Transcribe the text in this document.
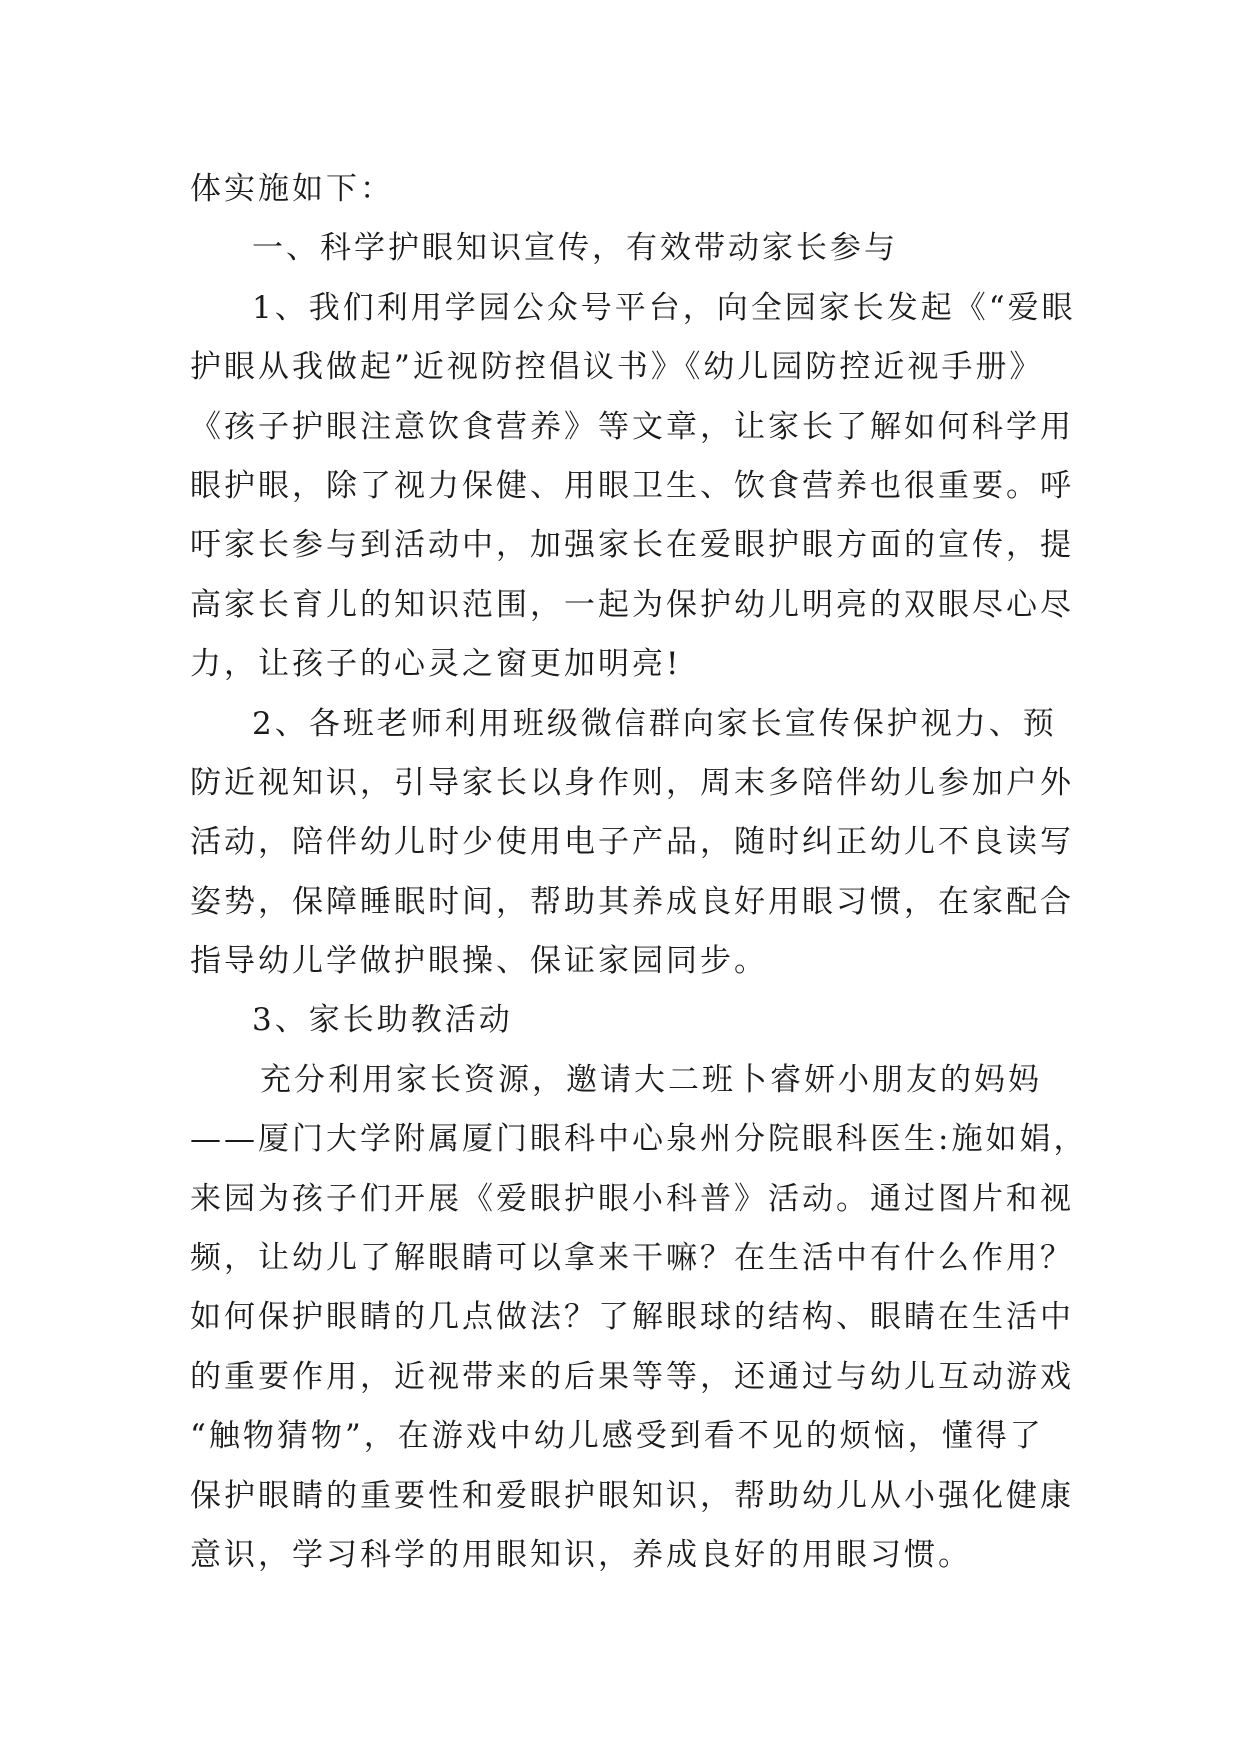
体实施如下：
一、科学护眼知识宣传，有效带动家长参与
1、我们利用学园公众号平台，向全园家长发起《“爱眼
护眼从我做起”近视防控倡议书》《幼儿园防控近视手册》
《孩子护眼注意饮食营养》等文章，让家长了解如何科学用
眼护眼，除了视力保健、用眼卫生、饮食营养也很重要。呼
吁家长参与到活动中，加强家长在爱眼护眼方面的宣传，提
高家长育儿的知识范围，一起为保护幼儿明亮的双眼尽心尽
力，让孩子的心灵之窗更加明亮!
2、各班老师利用班级微信群向家长宣传保护视力、预
防近视知识，引导家长以身作则，周末多陪伴幼儿参加户外
活动，陪伴幼儿时少使用电子产品，随时纠正幼儿不良读写
姿势，保障睡眠时间，帮助其养成良好用眼习惯，在家配合
指导幼儿学做护眼操、保证家园同步。
3、家长助教活动
充分利用家长资源，邀请大二班卜睿妍小朋友的妈妈
——厦门大学附属厦门眼科中心泉州分院眼科医生:施如娟，
来园为孩子们开展《爱眼护眼小科普》活动。通过图片和视
频，让幼儿了解眼睛可以拿来干嘛？在生活中有什么作用？
如何保护眼睛的几点做法？了解眼球的结构、眼睛在生活中
的重要作用，近视带来的后果等等，还通过与幼儿互动游戏
“触物猜物”，在游戏中幼儿感受到看不见的烦恼，懂得了
保护眼睛的重要性和爱眼护眼知识，帮助幼儿从小强化健康
意识，学习科学的用眼知识，养成良好的用眼习惯。
